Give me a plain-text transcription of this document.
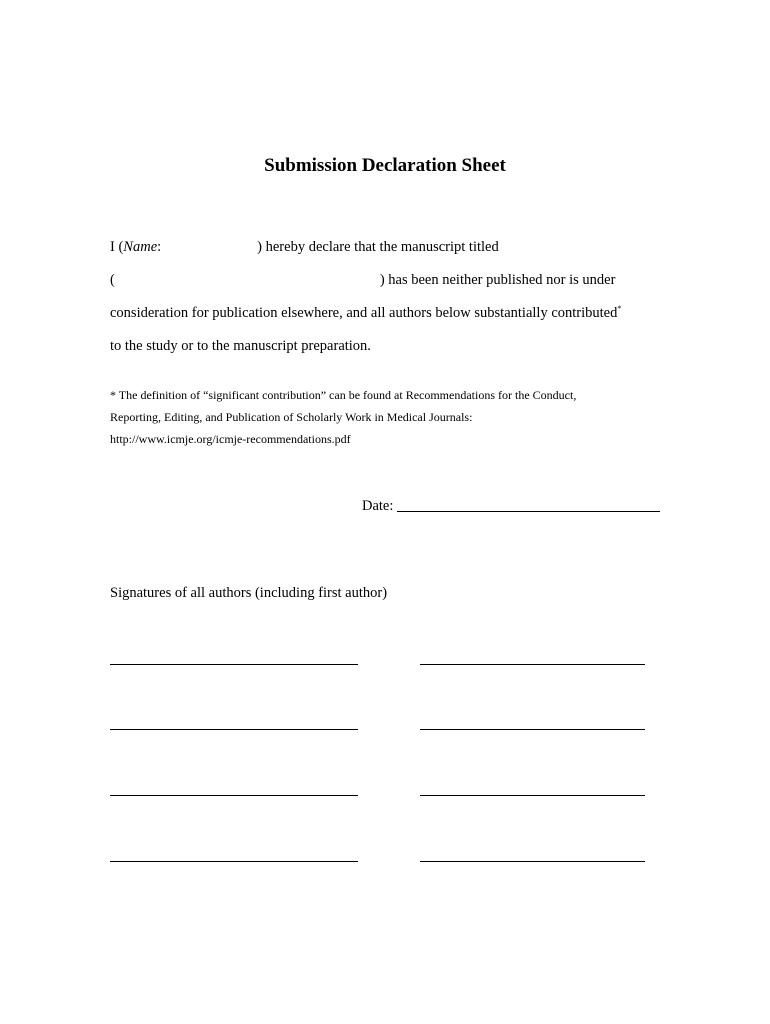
Submission Declaration Sheet

I (Name:	) hereby declare that the manuscript titled

(	) has been neither published nor is under

consideration for publication elsewhere, and all authors below substantially contributed*

to the study or to the manuscript preparation.

* The definition of “significant contribution” can be found at Recommendations for the Conduct,

Reporting, Editing, and Publication of Scholarly Work in Medical Journals:

http://www.icmje.org/icmje-recommendations.pdf

Date:

Signatures of all authors (including first author)
